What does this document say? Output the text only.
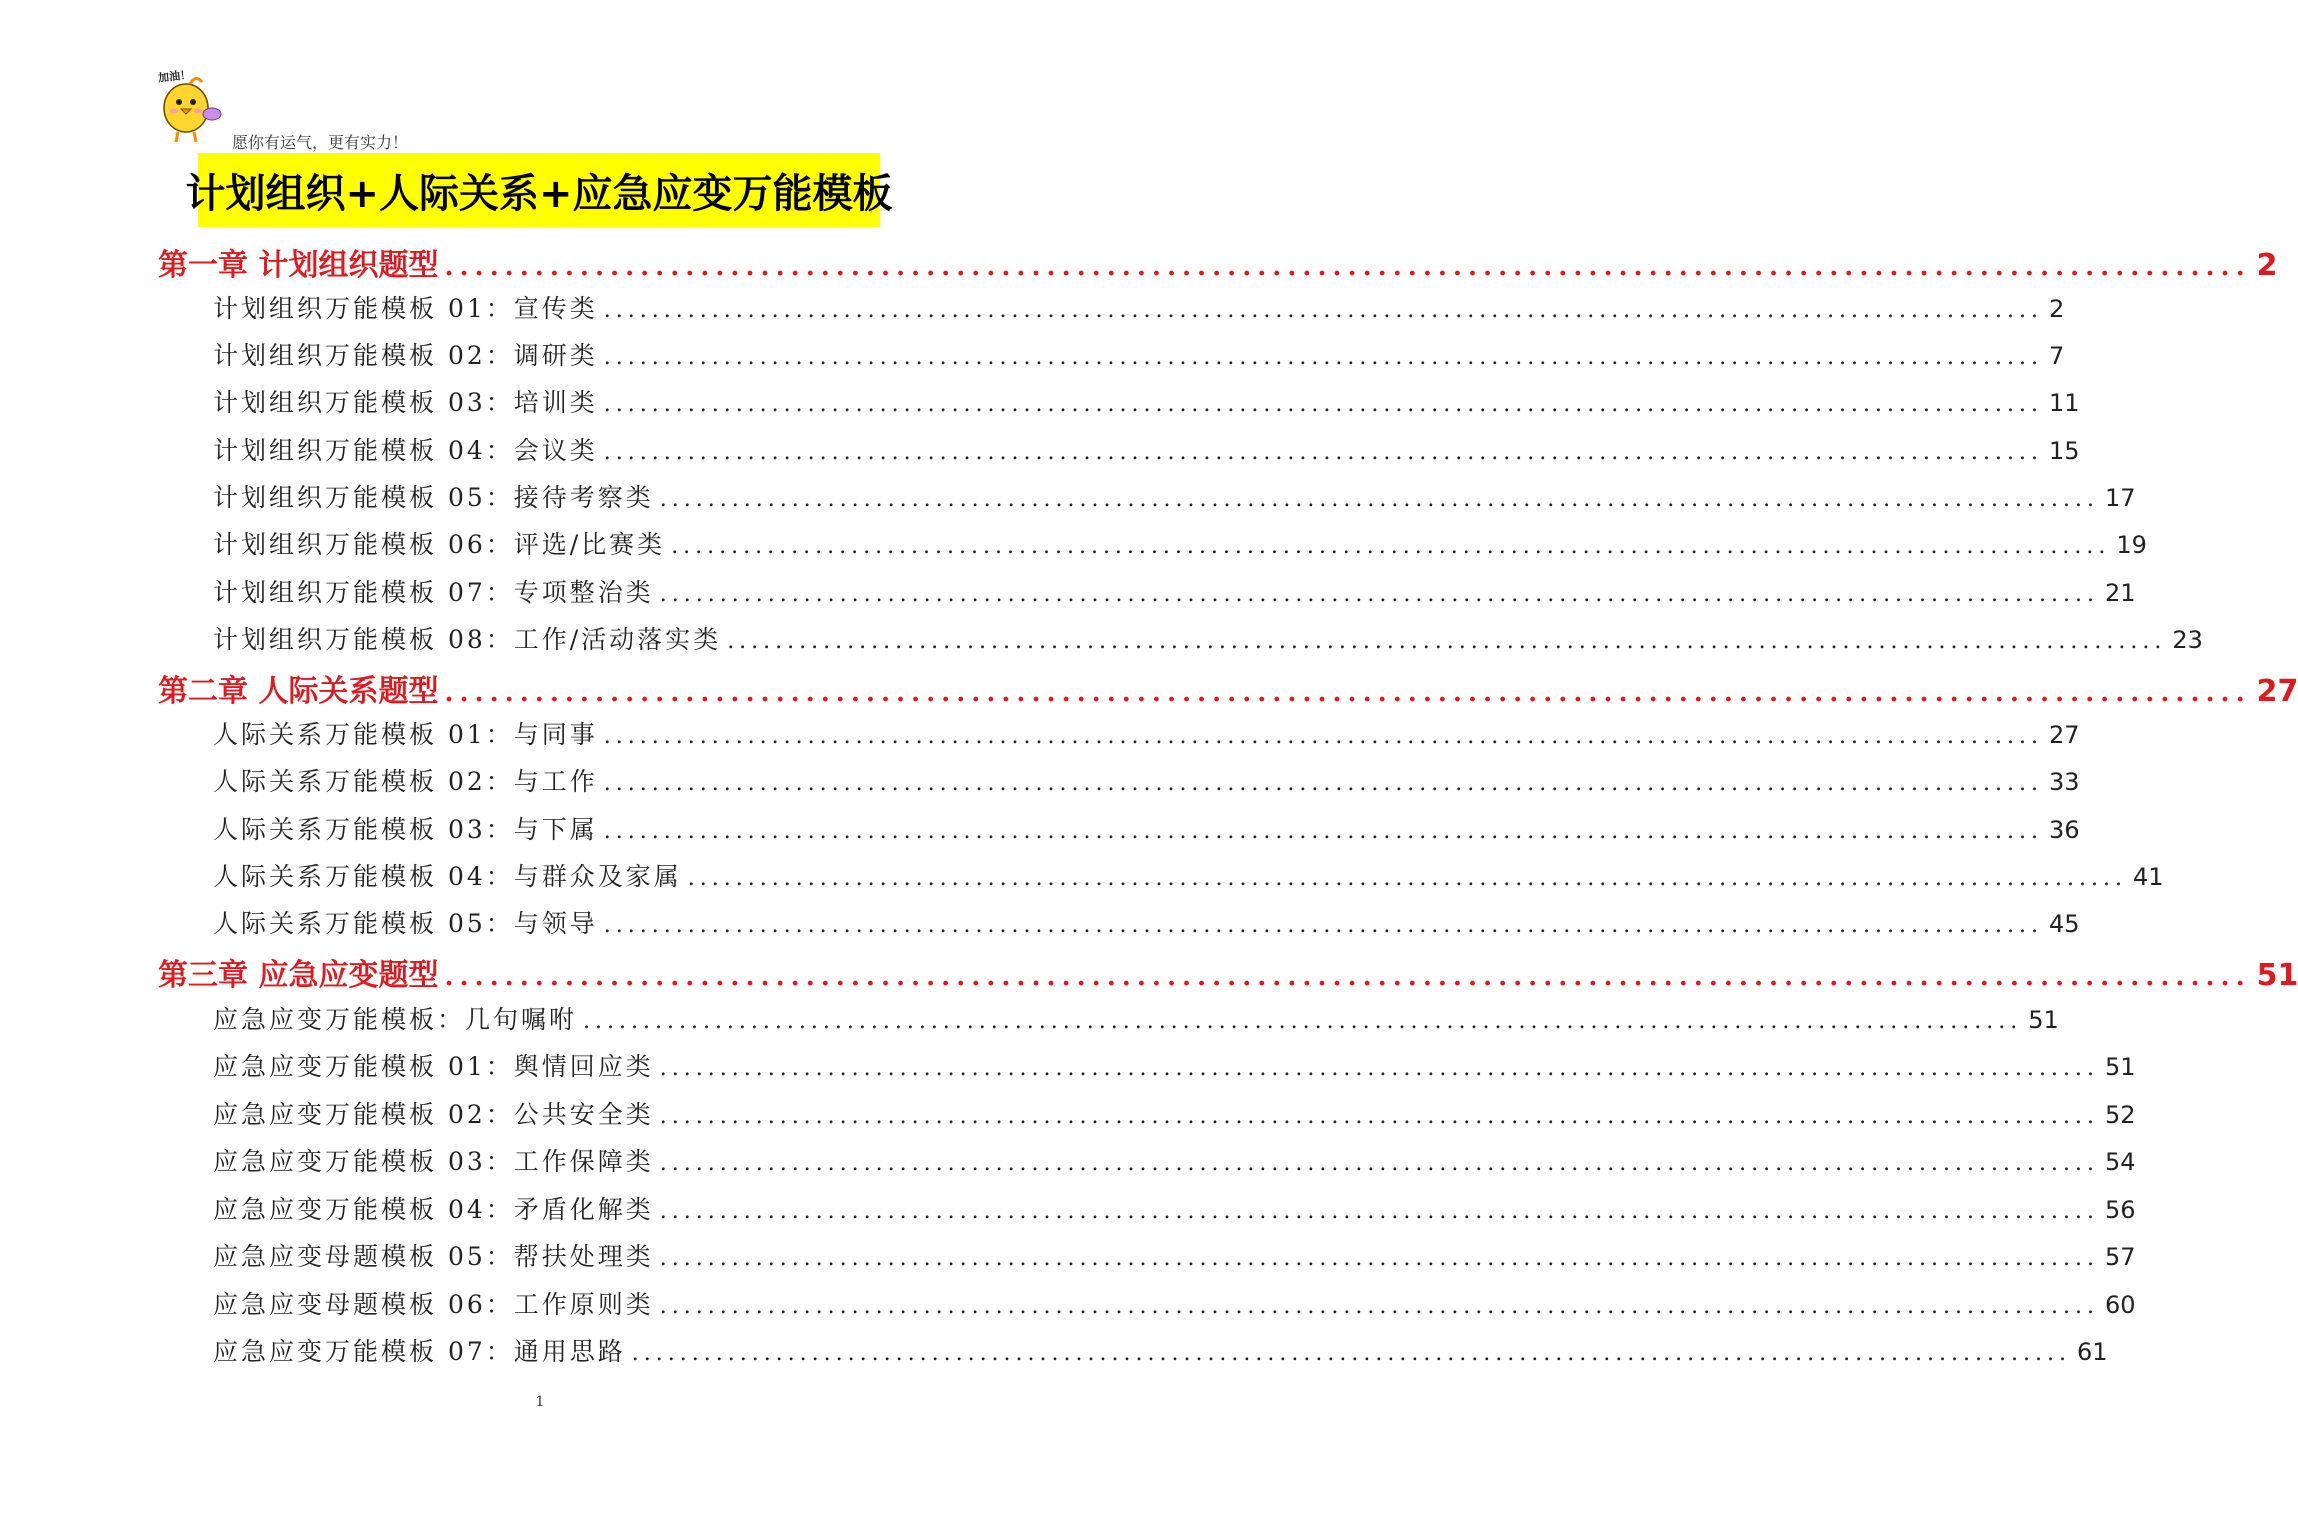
加油！
愿你有运气，更有实力！
计划组织+人际关系+应急应变万能模板
第一章 计划组织题型 ........................................................................................................................ 2
计划组织万能模板 01：宣传类 ........................................................................................................................ 2
计划组织万能模板 02：调研类 ........................................................................................................................ 7
计划组织万能模板 03：培训类 ........................................................................................................................ 11
计划组织万能模板 04：会议类 ........................................................................................................................ 15
计划组织万能模板 05：接待考察类 ........................................................................................................................ 17
计划组织万能模板 06：评选/比赛类 ........................................................................................................................ 19
计划组织万能模板 07：专项整治类 ........................................................................................................................ 21
计划组织万能模板 08：工作/活动落实类 ........................................................................................................................ 23
第二章 人际关系题型 ........................................................................................................................ 27
人际关系万能模板 01：与同事 ........................................................................................................................ 27
人际关系万能模板 02：与工作 ........................................................................................................................ 33
人际关系万能模板 03：与下属 ........................................................................................................................ 36
人际关系万能模板 04：与群众及家属 ........................................................................................................................ 41
人际关系万能模板 05：与领导 ........................................................................................................................ 45
第三章 应急应变题型 ........................................................................................................................ 51
应急应变万能模板：几句嘱咐 ........................................................................................................................ 51
应急应变万能模板 01：舆情回应类 ........................................................................................................................ 51
应急应变万能模板 02：公共安全类 ........................................................................................................................ 52
应急应变万能模板 03：工作保障类 ........................................................................................................................ 54
应急应变万能模板 04：矛盾化解类 ........................................................................................................................ 56
应急应变母题模板 05：帮扶处理类 ........................................................................................................................ 57
应急应变母题模板 06：工作原则类 ........................................................................................................................ 60
应急应变万能模板 07：通用思路 ........................................................................................................................ 61
1
